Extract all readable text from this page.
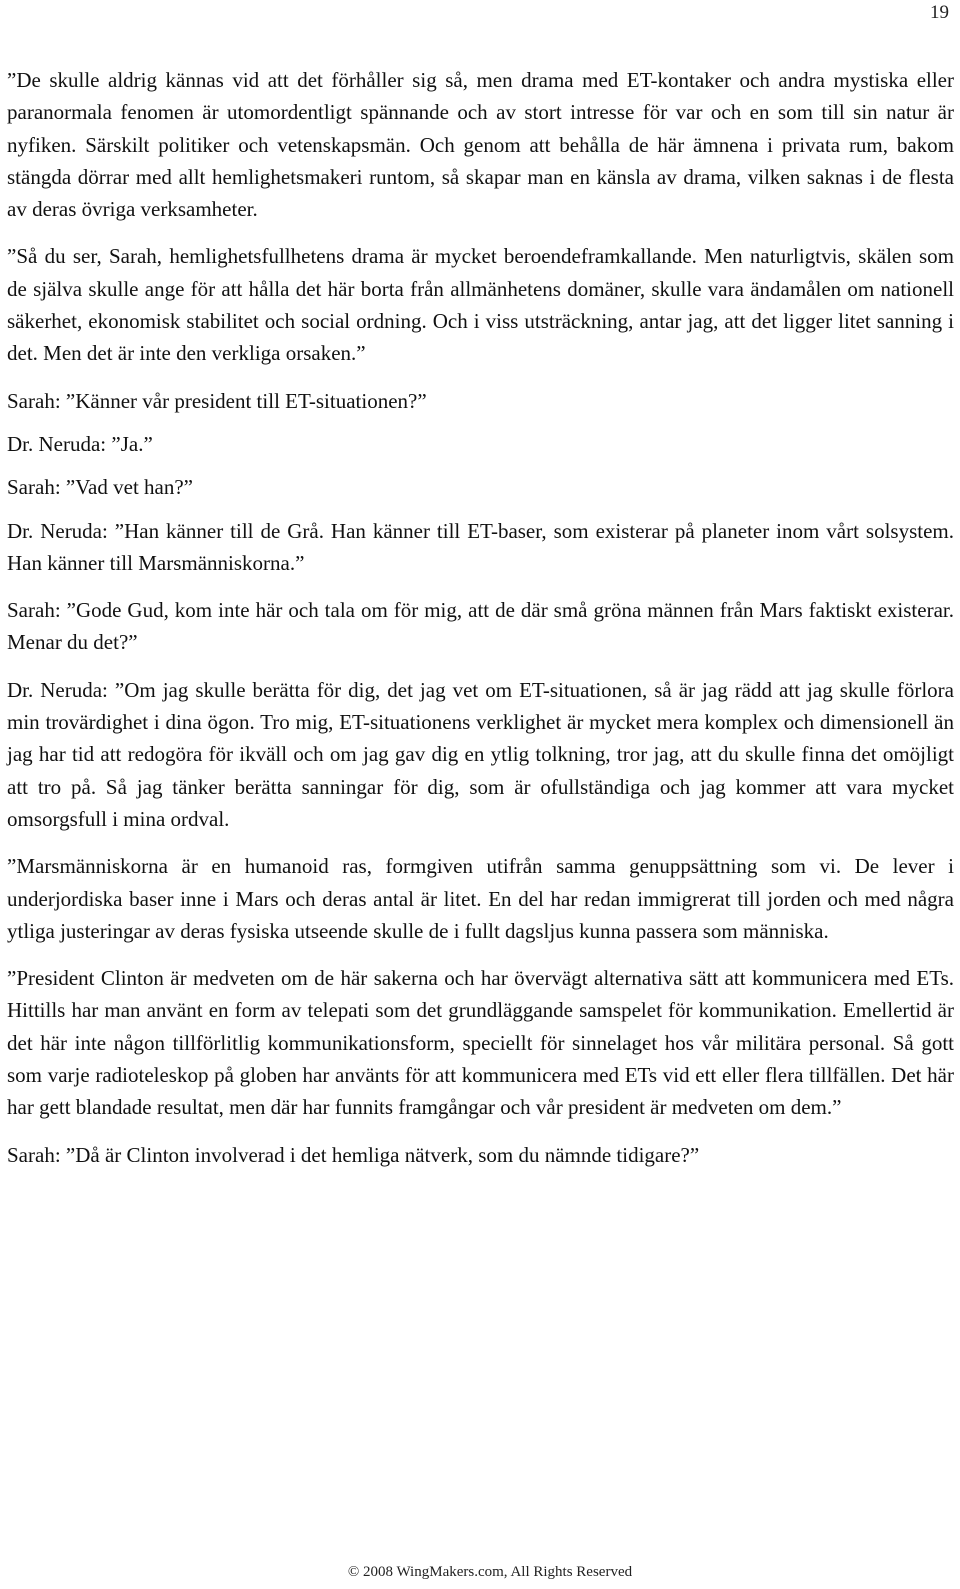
19

”De skulle aldrig kännas vid att det förhåller sig så, men drama med ET-kontaker och andra mystiska eller paranormala fenomen är utomordentligt spännande och av stort intresse för var och en som till sin natur är nyfiken. Särskilt politiker och vetenskapsmän. Och genom att behålla de här ämnena i privata rum, bakom stängda dörrar med allt hemlighetsmakeri runtom, så skapar man en känsla av drama, vilken saknas i de flesta av deras övriga verksamheter.

”Så du ser, Sarah, hemlighetsfullhetens drama är mycket beroendeframkallande. Men naturligtvis, skälen som de själva skulle ange för att hålla det här borta från allmänhetens domäner, skulle vara ändamålen om nationell säkerhet, ekonomisk stabilitet och social ordning. Och i viss utsträckning, antar jag, att det ligger litet sanning i det. Men det är inte den verkliga orsaken.”

Sarah: ”Känner vår president till ET-situationen?”

Dr. Neruda: ”Ja.”

Sarah: ”Vad vet han?”

Dr. Neruda: ”Han känner till de Grå. Han känner till ET-baser, som existerar på planeter inom vårt solsystem. Han känner till Marsmänniskorna.”

Sarah: ”Gode Gud, kom inte här och tala om för mig, att de där små gröna männen från Mars faktiskt existerar. Menar du det?”

Dr. Neruda: ”Om jag skulle berätta för dig, det jag vet om ET-situationen, så är jag rädd att jag skulle förlora min trovärdighet i dina ögon. Tro mig, ET-situationens verklighet är mycket mera komplex och dimensionell än jag har tid att redogöra för ikväll och om jag gav dig en ytlig tolkning, tror jag, att du skulle finna det omöjligt att tro på. Så jag tänker berätta sanningar för dig, som är ofullständiga och jag kommer att vara mycket omsorgsfull i mina ordval.

”Marsmänniskorna är en humanoid ras, formgiven utifrån samma genuppsättning som vi. De lever i underjordiska baser inne i Mars och deras antal är litet. En del har redan immigrerat till jorden och med några ytliga justeringar av deras fysiska utseende skulle de i fullt dagsljus kunna passera som människa.

”President Clinton är medveten om de här sakerna och har övervägt alternativa sätt att kommunicera med ETs. Hittills har man använt en form av telepati som det grundläggande samspelet för kommunikation. Emellertid är det här inte någon tillförlitlig kommunikationsform, speciellt för sinnelaget hos vår militära personal. Så gott som varje radioteleskop på globen har använts för att kommunicera med ETs vid ett eller flera tillfällen. Det här har gett blandade resultat, men där har funnits framgångar och vår president är medveten om dem.”

Sarah: ”Då är Clinton involverad i det hemliga nätverk, som du nämnde tidigare?”

© 2008 WingMakers.com, All Rights Reserved
